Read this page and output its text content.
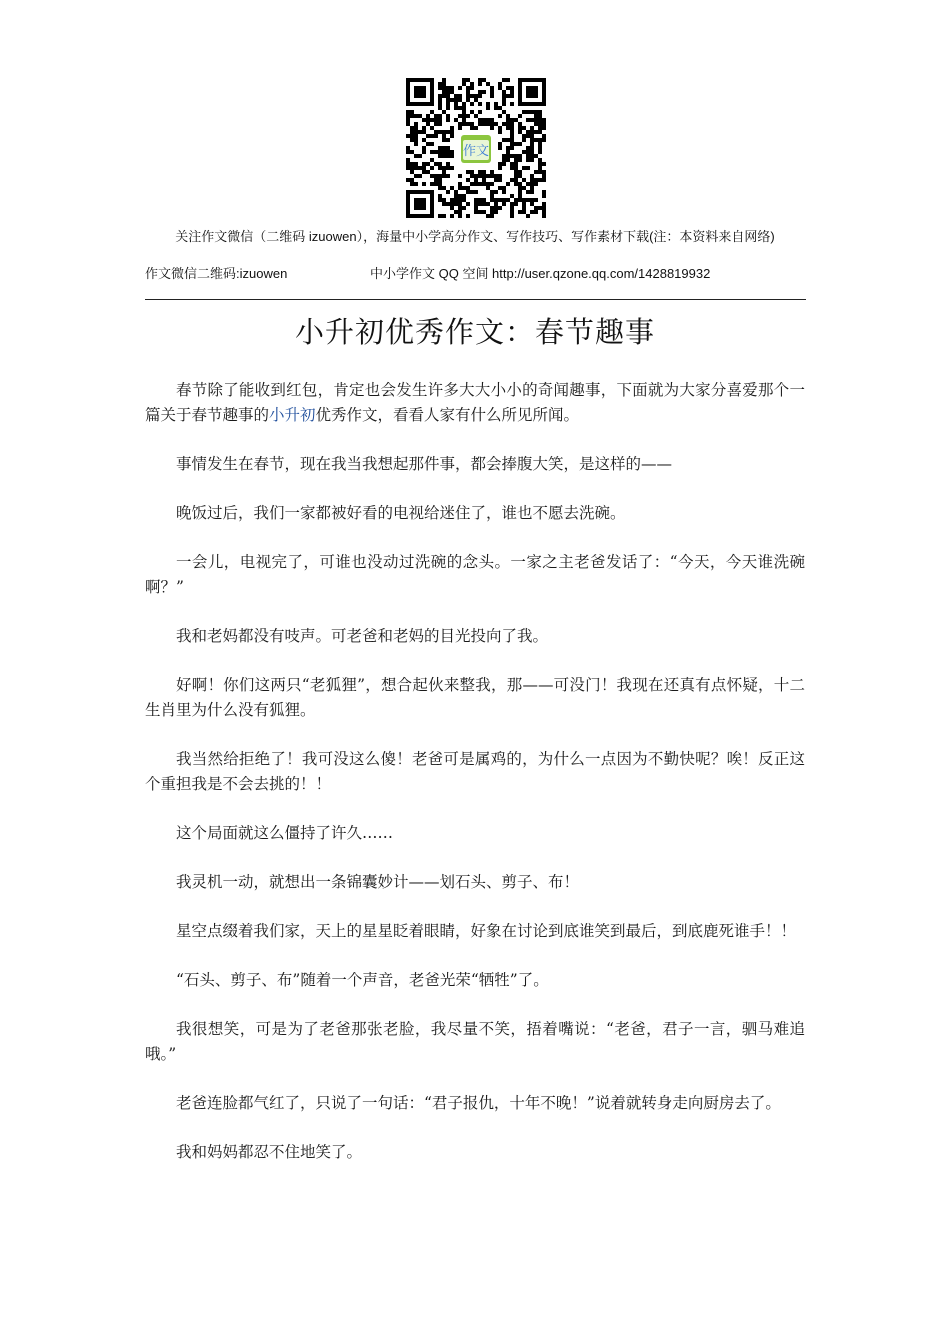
作文
关注作文微信（二维码 izuowen），海量中小学高分作文、写作技巧、写作素材下载(注：本资料来自网络)
作文微信二维码:izuowen	中小学作文 QQ 空间 http://user.qzone.qq.com/1428819932
小升初优秀作文：春节趣事

春节除了能收到红包，肯定也会发生许多大大小小的奇闻趣事，下面就为大家分喜爱那个一篇关于春节趣事的小升初优秀作文，看看人家有什么所见所闻。

事情发生在春节，现在我当我想起那件事，都会捧腹大笑，是这样的——

晚饭过后，我们一家都被好看的电视给迷住了，谁也不愿去洗碗。

一会儿，电视完了，可谁也没动过洗碗的念头。一家之主老爸发话了：“今天，今天谁洗碗啊？”

我和老妈都没有吱声。可老爸和老妈的目光投向了我。

好啊！你们这两只“老狐狸”，想合起伙来整我，那——可没门！我现在还真有点怀疑，十二生肖里为什么没有狐狸。

我当然给拒绝了！我可没这么傻！老爸可是属鸡的，为什么一点因为不勤快呢？唉！反正这个重担我是不会去挑的！！

这个局面就这么僵持了许久……

我灵机一动，就想出一条锦囊妙计——划石头、剪子、布！

星空点缀着我们家，天上的星星眨着眼睛，好象在讨论到底谁笑到最后，到底鹿死谁手！！

“石头、剪子、布”随着一个声音，老爸光荣“牺牲”了。

我很想笑，可是为了老爸那张老脸，我尽量不笑，捂着嘴说：“老爸，君子一言，驷马难追哦。”

老爸连脸都气红了，只说了一句话：“君子报仇，十年不晚！”说着就转身走向厨房去了。

我和妈妈都忍不住地笑了。
